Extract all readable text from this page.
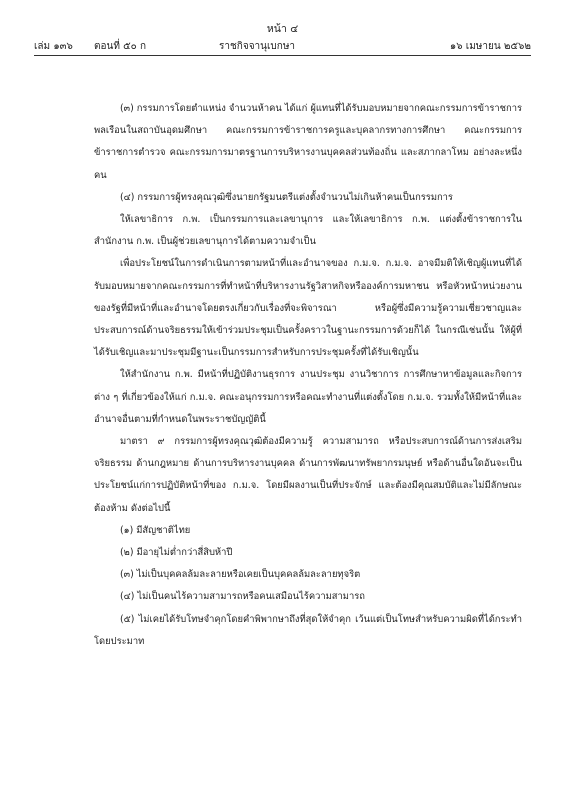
หน้า ๔
เล่ม ๑๓๖ ตอนที่ ๕๐ ก	ราชกิจจานุเบกษา	๑๖ เมษายน ๒๕๖๒

(๓) กรรมการโดยตำแหน่ง จำนวนห้าคน ได้แก่ ผู้แทนที่ได้รับมอบหมายจากคณะกรรมการข้าราชการพลเรือนในสถาบันอุดมศึกษา คณะกรรมการข้าราชการครูและบุคลากรทางการศึกษา คณะกรรมการข้าราชการตำรวจ คณะกรรมการมาตรฐานการบริหารงานบุคคลส่วนท้องถิ่น และสภากลาโหม อย่างละหนึ่งคน

(๔) กรรมการผู้ทรงคุณวุฒิซึ่งนายกรัฐมนตรีแต่งตั้งจำนวนไม่เกินห้าคนเป็นกรรมการ

ให้เลขาธิการ ก.พ. เป็นกรรมการและเลขานุการ และให้เลขาธิการ ก.พ. แต่งตั้งข้าราชการในสำนักงาน ก.พ. เป็นผู้ช่วยเลขานุการได้ตามความจำเป็น

เพื่อประโยชน์ในการดำเนินการตามหน้าที่และอำนาจของ ก.ม.จ. ก.ม.จ. อาจมีมติให้เชิญผู้แทนที่ได้รับมอบหมายจากคณะกรรมการที่ทำหน้าที่บริหารงานรัฐวิสาหกิจหรือองค์การมหาชน หรือหัวหน้าหน่วยงานของรัฐที่มีหน้าที่และอำนาจโดยตรงเกี่ยวกับเรื่องที่จะพิจารณา หรือผู้ซึ่งมีความรู้ความเชี่ยวชาญและประสบการณ์ด้านจริยธรรมให้เข้าร่วมประชุมเป็นครั้งคราวในฐานะกรรมการด้วยก็ได้ ในกรณีเช่นนั้น ให้ผู้ที่ได้รับเชิญและมาประชุมมีฐานะเป็นกรรมการสำหรับการประชุมครั้งที่ได้รับเชิญนั้น

ให้สำนักงาน ก.พ. มีหน้าที่ปฏิบัติงานธุรการ งานประชุม งานวิชาการ การศึกษาหาข้อมูลและกิจการต่าง ๆ ที่เกี่ยวข้องให้แก่ ก.ม.จ. คณะอนุกรรมการหรือคณะทำงานที่แต่งตั้งโดย ก.ม.จ. รวมทั้งให้มีหน้าที่และอำนาจอื่นตามที่กำหนดในพระราชบัญญัตินี้

มาตรา ๙ กรรมการผู้ทรงคุณวุฒิต้องมีความรู้ ความสามารถ หรือประสบการณ์ด้านการส่งเสริมจริยธรรม ด้านกฎหมาย ด้านการบริหารงานบุคคล ด้านการพัฒนาทรัพยากรมนุษย์ หรือด้านอื่นใดอันจะเป็นประโยชน์แก่การปฏิบัติหน้าที่ของ ก.ม.จ. โดยมีผลงานเป็นที่ประจักษ์ และต้องมีคุณสมบัติและไม่มีลักษณะต้องห้าม ดังต่อไปนี้

(๑) มีสัญชาติไทย

(๒) มีอายุไม่ต่ำกว่าสี่สิบห้าปี

(๓) ไม่เป็นบุคคลล้มละลายหรือเคยเป็นบุคคลล้มละลายทุจริต

(๔) ไม่เป็นคนไร้ความสามารถหรือคนเสมือนไร้ความสามารถ

(๕) ไม่เคยได้รับโทษจำคุกโดยคำพิพากษาถึงที่สุดให้จำคุก เว้นแต่เป็นโทษสำหรับความผิดที่ได้กระทำโดยประมาท
